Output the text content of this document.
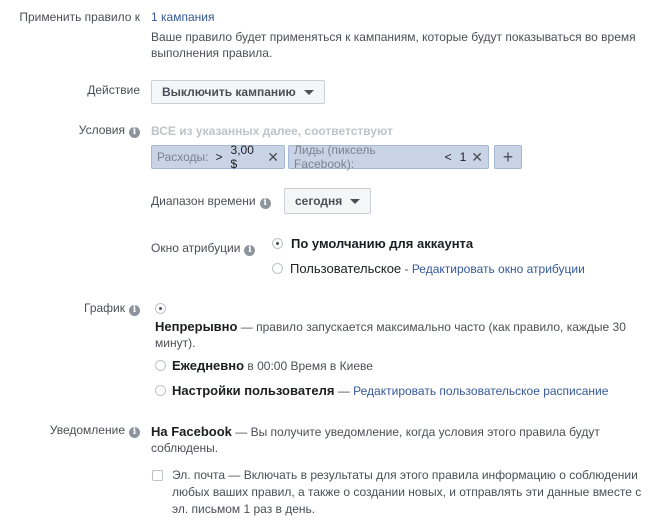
Применить правило к 1 кампания
Ваше правило будет применяться к кампаниям, которые будут показываться во время выполнения правила.
Действие Выключить кампанию
Условия i	ВСЕ из указанных далее, соответствуют
Расходы: > 3,00 $	✕ Лиды (пиксель Facebook):	< 1 ✕ +
Диапазон времени i	сегодня
Окно атрибуции i	По умолчанию для аккаунта
Пользовательское - Редактировать окно атрибуции
График i
Непрерывно — правило запускается максимально часто (как правило, каждые 30 минут).
Ежедневно в 00:00 Время в Киеве
Настройки пользователя — Редактировать пользовательское расписание
Уведомление i На Facebook — Вы получите уведомление, когда условия этого правила будут соблюдены.
Эл. почта — Включать в результаты для этого правила информацию о соблюдении любых ваших правил, а также о создании новых, и отправлять эти данные вместе с эл. письмом 1 раз в день.
